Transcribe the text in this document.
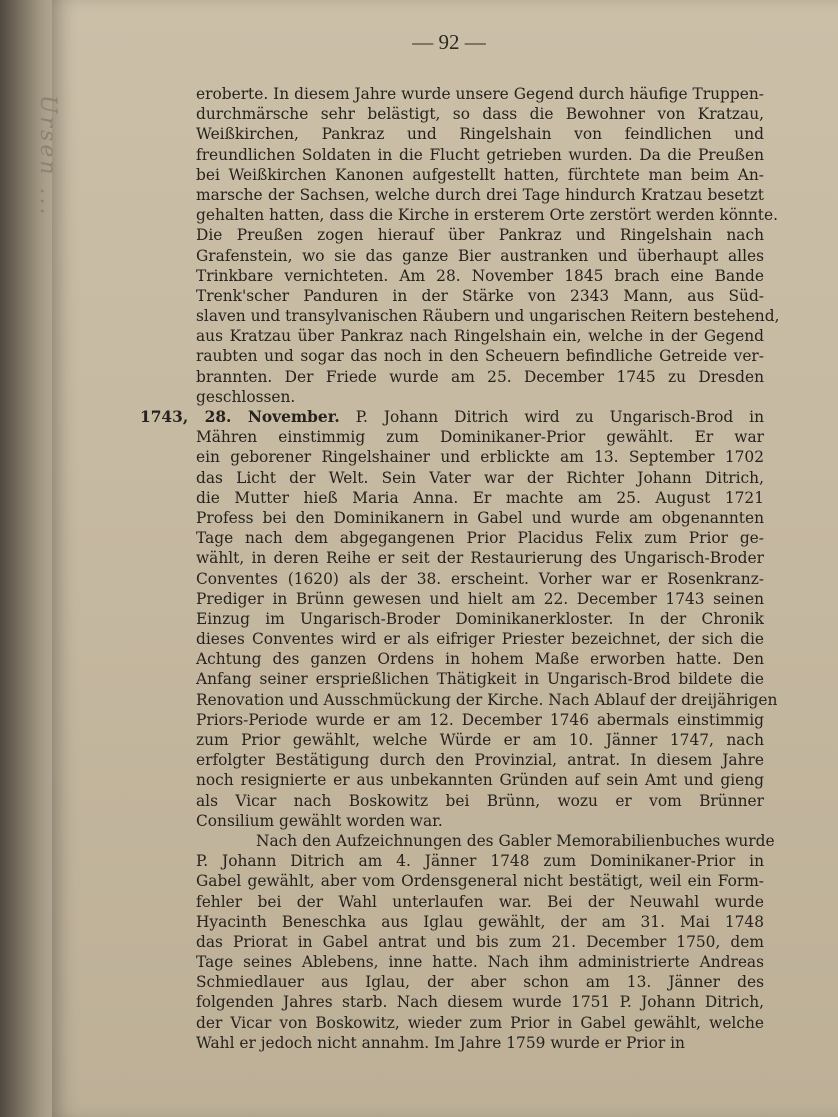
Ursen ...
— 92 —
eroberte. In diesem Jahre wurde unsere Gegend durch häufige Truppen-
durchmärsche sehr belästigt, so dass die Bewohner von Kratzau,
Weißkirchen, Pankraz und Ringelshain von feindlichen und
freundlichen Soldaten in die Flucht getrieben wurden. Da die Preußen
bei Weißkirchen Kanonen aufgestellt hatten, fürchtete man beim An-
marsche der Sachsen, welche durch drei Tage hindurch Kratzau besetzt
gehalten hatten, dass die Kirche in ersterem Orte zerstört werden könnte.
Die Preußen zogen hierauf über Pankraz und Ringelshain nach
Grafenstein, wo sie das ganze Bier austranken und überhaupt alles
Trinkbare vernichteten. Am 28. November 1845 brach eine Bande
Trenk'scher Panduren in der Stärke von 2343 Mann, aus Süd-
slaven und transylvanischen Räubern und ungarischen Reitern bestehend,
aus Kratzau über Pankraz nach Ringelshain ein, welche in der Gegend
raubten und sogar das noch in den Scheuern befindliche Getreide ver-
brannten. Der Friede wurde am 25. December 1745 zu Dresden
geschlossen.
1743, 28. November. P. Johann Ditrich wird zu Ungarisch-Brod in
Mähren einstimmig zum Dominikaner-Prior gewählt. Er war
ein geborener Ringelshainer und erblickte am 13. September 1702
das Licht der Welt. Sein Vater war der Richter Johann Ditrich,
die Mutter hieß Maria Anna. Er machte am 25. August 1721
Profess bei den Dominikanern in Gabel und wurde am obgenannten
Tage nach dem abgegangenen Prior Placidus Felix zum Prior ge-
wählt, in deren Reihe er seit der Restaurierung des Ungarisch-Broder
Conventes (1620) als der 38. erscheint. Vorher war er Rosenkranz-
Prediger in Brünn gewesen und hielt am 22. December 1743 seinen
Einzug im Ungarisch-Broder Dominikanerkloster. In der Chronik
dieses Conventes wird er als eifriger Priester bezeichnet, der sich die
Achtung des ganzen Ordens in hohem Maße erworben hatte. Den
Anfang seiner ersprießlichen Thätigkeit in Ungarisch-Brod bildete die
Renovation und Ausschmückung der Kirche. Nach Ablauf der dreijährigen
Priors-Periode wurde er am 12. December 1746 abermals einstimmig
zum Prior gewählt, welche Würde er am 10. Jänner 1747, nach
erfolgter Bestätigung durch den Provinzial, antrat. In diesem Jahre
noch resignierte er aus unbekannten Gründen auf sein Amt und gieng
als Vicar nach Boskowitz bei Brünn, wozu er vom Brünner
Consilium gewählt worden war.
Nach den Aufzeichnungen des Gabler Memorabilienbuches wurde
P. Johann Ditrich am 4. Jänner 1748 zum Dominikaner-Prior in
Gabel gewählt, aber vom Ordensgeneral nicht bestätigt, weil ein Form-
fehler bei der Wahl unterlaufen war. Bei der Neuwahl wurde
Hyacinth Beneschka aus Iglau gewählt, der am 31. Mai 1748
das Priorat in Gabel antrat und bis zum 21. December 1750, dem
Tage seines Ablebens, inne hatte. Nach ihm administrierte Andreas
Schmiedlauer aus Iglau, der aber schon am 13. Jänner des
folgenden Jahres starb. Nach diesem wurde 1751 P. Johann Ditrich,
der Vicar von Boskowitz, wieder zum Prior in Gabel gewählt, welche
Wahl er jedoch nicht annahm. Im Jahre 1759 wurde er Prior in
